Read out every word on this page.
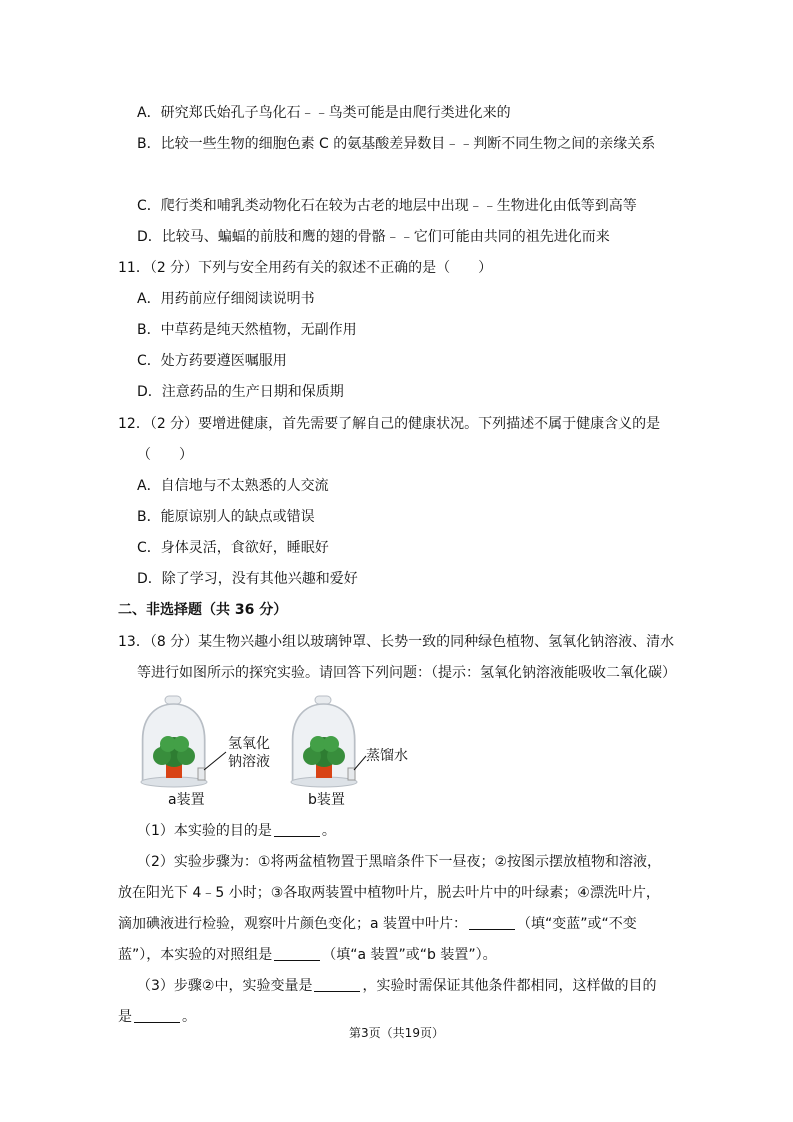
A．研究郑氏始孔子鸟化石﹣﹣鸟类可能是由爬行类进化来的
B．比较一些生物的细胞色素 C 的氨基酸差异数目﹣﹣判断不同生物之间的亲缘关系
C．爬行类和哺乳类动物化石在较为古老的地层中出现﹣﹣生物进化由低等到高等
D．比较马、蝙蝠的前肢和鹰的翅的骨骼﹣﹣它们可能由共同的祖先进化而来
11．（2 分）下列与安全用药有关的叙述不正确的是（　　）
A．用药前应仔细阅读说明书
B．中草药是纯天然植物，无副作用
C．处方药要遵医嘱服用
D．注意药品的生产日期和保质期
12．（2 分）要增进健康，首先需要了解自己的健康状况。下列描述不属于健康含义的是
（　　）
A．自信地与不太熟悉的人交流
B．能原谅别人的缺点或错误
C．身体灵活，食欲好，睡眠好
D．除了学习，没有其他兴趣和爱好
二、非选择题（共 36 分）
13．（8 分）某生物兴趣小组以玻璃钟罩、长势一致的同种绿色植物、氢氧化钠溶液、清水
等进行如图所示的探究实验。请回答下列问题：（提示：氢氧化钠溶液能吸收二氧化碳）
氢氧化
钠溶液	蒸馏水
a装置	b装置
（1）本实验的目的是	。
（2）实验步骤为：①将两盆植物置于黑暗条件下一昼夜；②按图示摆放植物和溶液，
放在阳光下 4﹣5 小时；③各取两装置中植物叶片，脱去叶片中的叶绿素；④漂洗叶片，
滴加碘液进行检验，观察叶片颜色变化；a 装置中叶片：	（填“变蓝”或“不变
蓝”），本实验的对照组是	（填“a 装置”或“b 装置”）。
（3）步骤②中，实验变量是	，实验时需保证其他条件都相同，这样做的目的
是	。
第3页（共19页）
